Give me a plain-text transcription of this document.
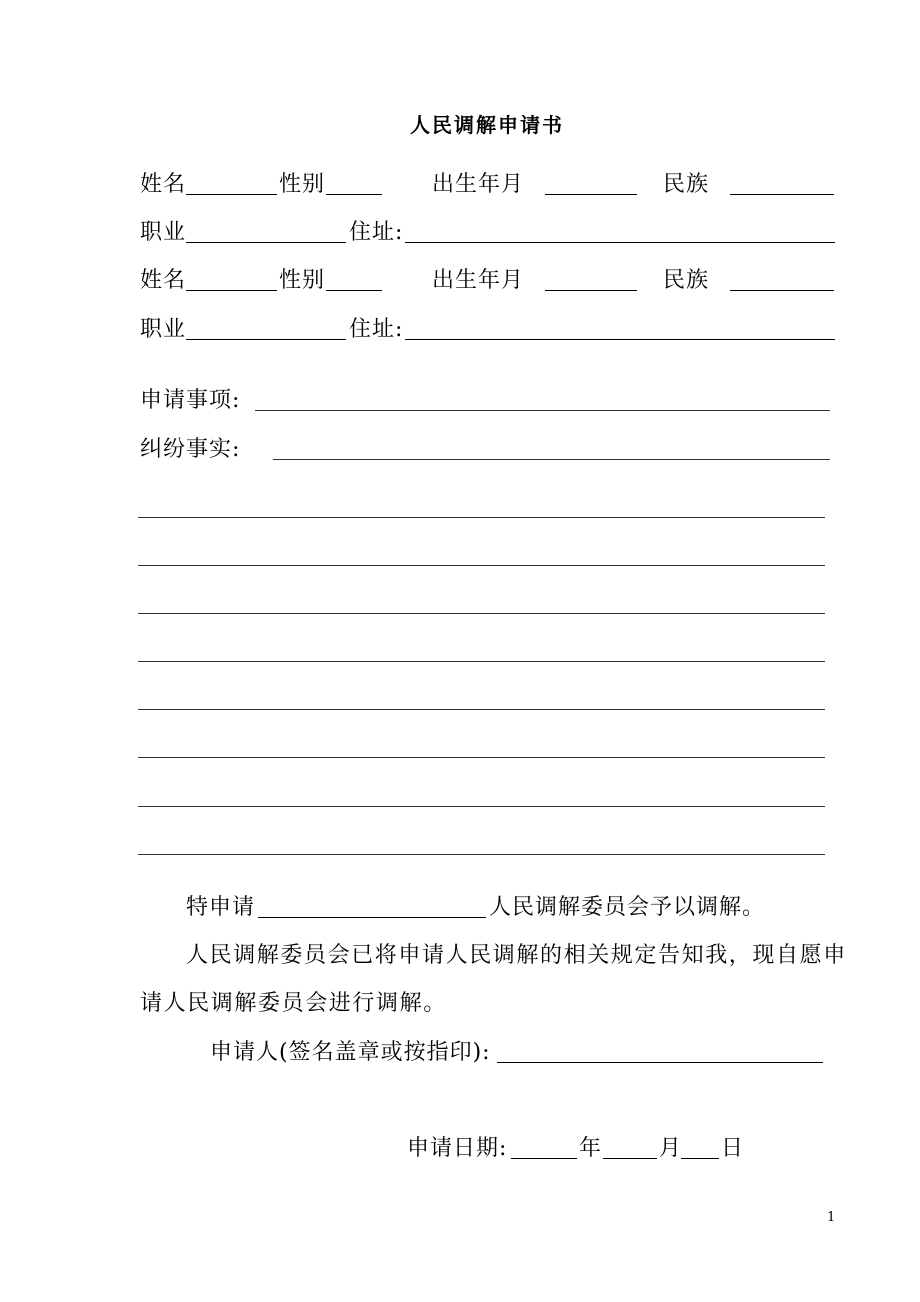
人民调解申请书
姓名	性别	出生年月	民族
职业	住址:
姓名	性别	出生年月	民族
职业	住址:
申请事项:
纠纷事实:
特申请	人民调解委员会予以调解。
人民调解委员会已将申请人民调解的相关规定告知我，现自愿申
请人民调解委员会进行调解。
申请人(签名盖章或按指印):
申请日期:	年	月 日
1
